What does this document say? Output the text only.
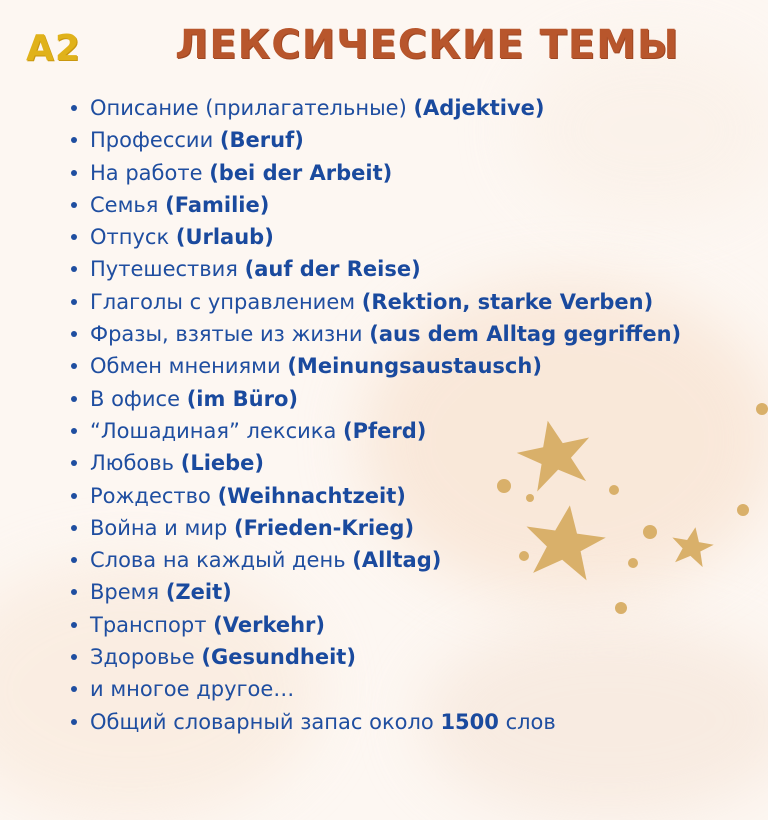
A2 ЛЕКСИЧЕСКИЕ ТЕМЫ
Описание (прилагательные) (Adjektive)
Профессии (Beruf)
На работе (bei der Arbeit)
Семья (Familie)
Отпуск (Urlaub)
Путешествия (auf der Reise)
Глаголы с управлением (Rektion, starke Verben)
Фразы, взятые из жизни (aus dem Alltag gegriffen)
Обмен мнениями (Meinungsaustausch)
В офисе (im Büro)
“Лошадиная” лексика (Pferd)
Любовь (Liebe)
Рождество (Weihnachtzeit)
Война и мир (Frieden-Krieg)
Слова на каждый день (Alltag)
Время (Zeit)
Транспорт (Verkehr)
Здоровье (Gesundheit)
и многое другое…
Общий словарный запас около 1500 слов
